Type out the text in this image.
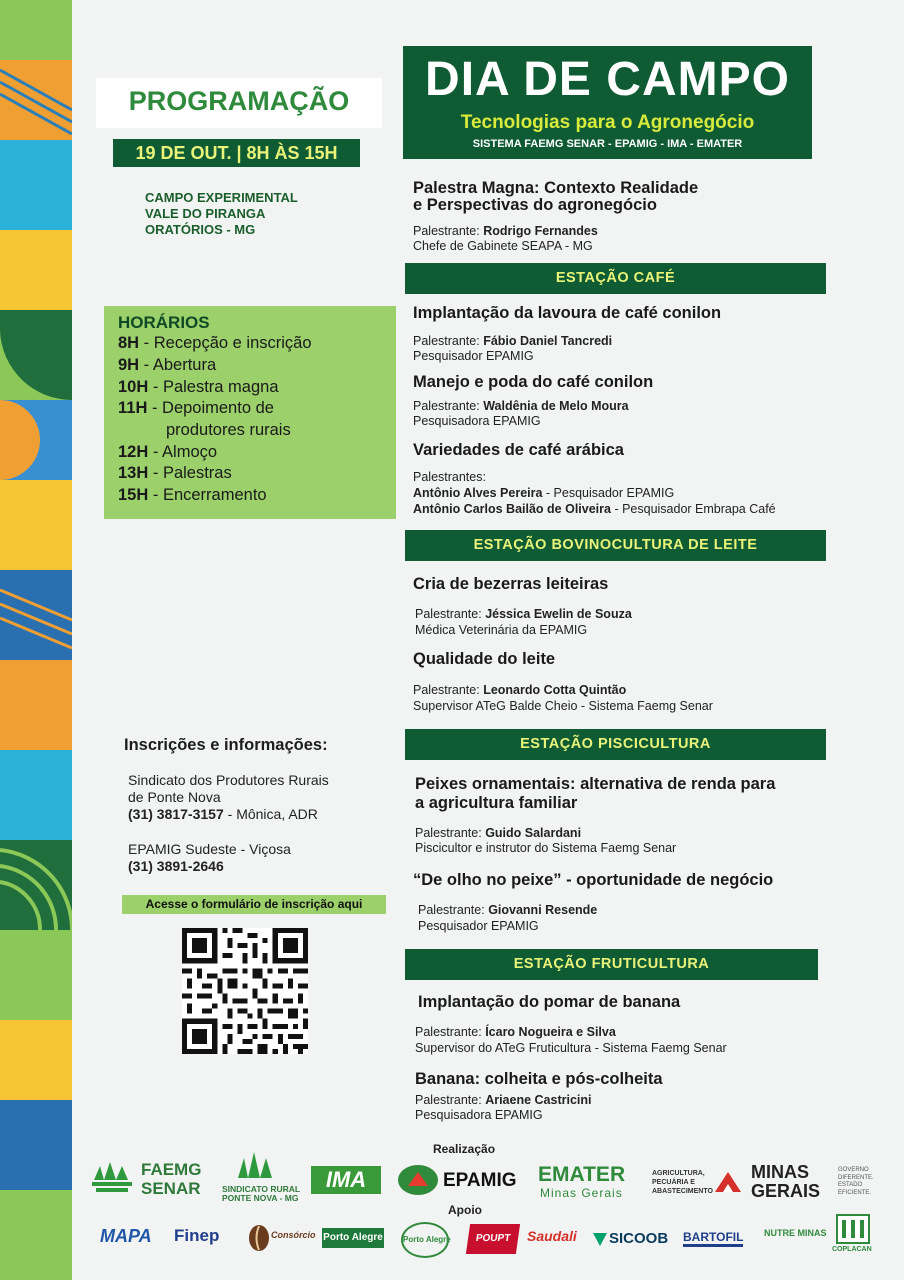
PROGRAMAÇÃO
19 DE OUT. | 8H ÀS 15H
CAMPO EXPERIMENTAL
VALE DO PIRANGA
ORATÓRIOS - MG
DIA DE CAMPO
Tecnologias para o Agronegócio
SISTEMA FAEMG SENAR - EPAMIG - IMA - EMATER
HORÁRIOS
8H - Recepção e inscrição
9H - Abertura
10H - Palestra magna
11H - Depoimento de
produtores rurais
12H - Almoço
13H - Palestras
15H - Encerramento
Palestra Magna: Contexto Realidade
e Perspectivas do agronegócio
Palestrante: Rodrigo Fernandes
Chefe de Gabinete SEAPA - MG
ESTAÇÃO CAFÉ
Implantação da lavoura de café conilon
Palestrante: Fábio Daniel Tancredi
Pesquisador EPAMIG
Manejo e poda do café conilon
Palestrante: Waldênia de Melo Moura
Pesquisadora EPAMIG
Variedades de café arábica
Palestrantes:
Antônio Alves Pereira - Pesquisador EPAMIG
Antônio Carlos Bailão de Oliveira - Pesquisador Embrapa Café
ESTAÇÃO BOVINOCULTURA DE LEITE
Cria de bezerras leiteiras
Palestrante: Jéssica Ewelin de Souza
Médica Veterinária da EPAMIG
Qualidade do leite
Palestrante: Leonardo Cotta Quintão
Supervisor ATeG Balde Cheio - Sistema Faemg Senar
ESTAÇÃO PISCICULTURA
Peixes ornamentais: alternativa de renda para
a agricultura familiar
Palestrante: Guido Salardani
Piscicultor e instrutor do Sistema Faemg Senar
“De olho no peixe” - oportunidade de negócio
Palestrante: Giovanni Resende
Pesquisador EPAMIG
ESTAÇÃO FRUTICULTURA
Implantação do pomar de banana
Palestrante: Ícaro Nogueira e Silva
Supervisor do ATeG Fruticultura - Sistema Faemg Senar
Banana: colheita e pós-colheita
Palestrante: Ariaene Castricini
Pesquisadora EPAMIG
Inscrições e informações:
Sindicato dos Produtores Rurais
de Ponte Nova
(31) 3817-3157 - Mônica, ADR
EPAMIG Sudeste - Viçosa
(31) 3891-2646
Acesse o formulário de inscrição aqui
Realização
Apoio
FAEMG
SENAR	SINDICATO RURAL
PONTE NOVA - MG
IMA	EPAMIG EMATER
Minas Gerais
AGRICULTURA,
PECUÁRIA E
ABASTECIMENTO
MINAS
GERAIS
GOVERNO
DIFERENTE.
ESTADO
EFICIENTE.
MAPA Finep	Consórcio Porto Alegre	Porto Alegre	POUPT	Saudali SICOOB BARTOFIL NUTRE MINAS
COPLACAN
